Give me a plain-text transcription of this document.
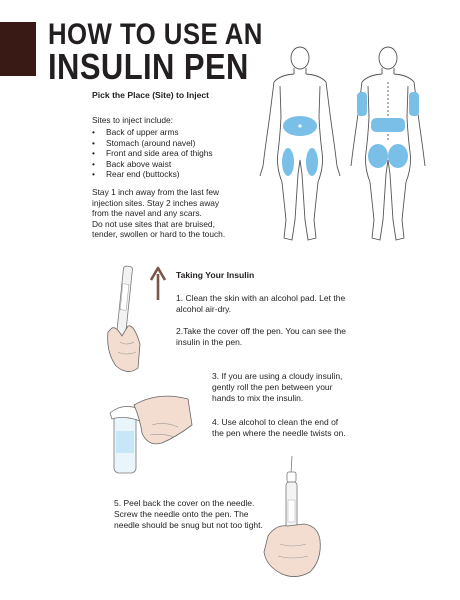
HOW TO USE AN
INSULIN PEN
Pick the Place (Site) to Inject
Sites to inject include:
• Back of upper arms
• Stomach (around navel)
• Front and side area of thighs
• Back above waist
• Rear end (buttocks)
Stay 1 inch away from the last few
injection sites. Stay 2 inches away
from the navel and any scars.
Do not use sites that are bruised,
tender, swollen or hard to the touch.
Taking Your Insulin
1. Clean the skin with an alcohol pad. Let the
alcohol air-dry.
2.Take the cover off the pen. You can see the
insulin in the pen.
3. If you are using a cloudy insulin,
gently roll the pen between your
hands to mix the insulin.
4. Use alcohol to clean the end of
the pen where the needle twists on.
5. Peel back the cover on the needle.
Screw the needle onto the pen. The
needle should be snug but not too tight.
